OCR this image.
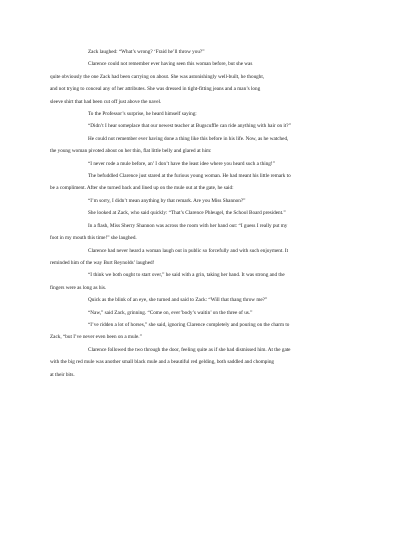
Zack laughed: “What’s wrong? ‘Fraid he’ll throw you?”
Clarence could not remember ever having seen this woman before, but she was
quite obviously the one Zack had been carrying on about. She was astonishingly well-built, he thought,
and not trying to conceal any of her attributes. She was dressed in tight-fitting jeans and a man’s long
sleeve shirt that had been cut off just above the navel.
To the Professor’s surprise, he heard himself saying:
“Didn’t I hear someplace that our newest teacher at Bugscuffle can ride anything with hair on it?”
He could not remember ever having done a thing like this before in his life. Now, as he watched,
the young woman pivoted about on her thin, flat little belly and glared at him:
“I never rode a mule before, an’ I don’t have the least idee where you heard such a thing!”
The befuddled Clarence just stared at the furious young woman. He had meant his little remark to
be a compliment. After she turned back and lined up on the mule out at the gate, he said:
“I’m sorry, I didn’t mean anything by that remark. Are you Miss Shannon?”
She looked at Zack, who said quickly: “That’s Clarence Phleugel, the School Board president.”
In a flash, Miss Sherry Shannon was across the room with her hand out: “I guess I really put my
foot in my mouth this time!” she laughed.
Clarence had never heard a woman laugh out in public so forcefully and with such enjoyment. It
reminded him of the way Burt Reynolds’ laughed!
“I think we both ought to start over,” he said with a grin, taking her hand. It was strong and the
fingers were as long as his.
Quick as the blink of an eye, she turned and said to Zack: “Will that thang throw me?”
“Naw,” said Zack, grinning. “Come on, ever’body’s waitin’ on the three of us.”
“I’ve ridden a lot of horses,” she said, ignoring Clarence completely and pouring on the charm to
Zack, “but I’ve never even been on a mule.”
Clarence followed the two through the door, feeling quite as if she had dismissed him. At the gate
with the big red mule was another small black mule and a beautiful red gelding, both saddled and chomping
at their bits.
